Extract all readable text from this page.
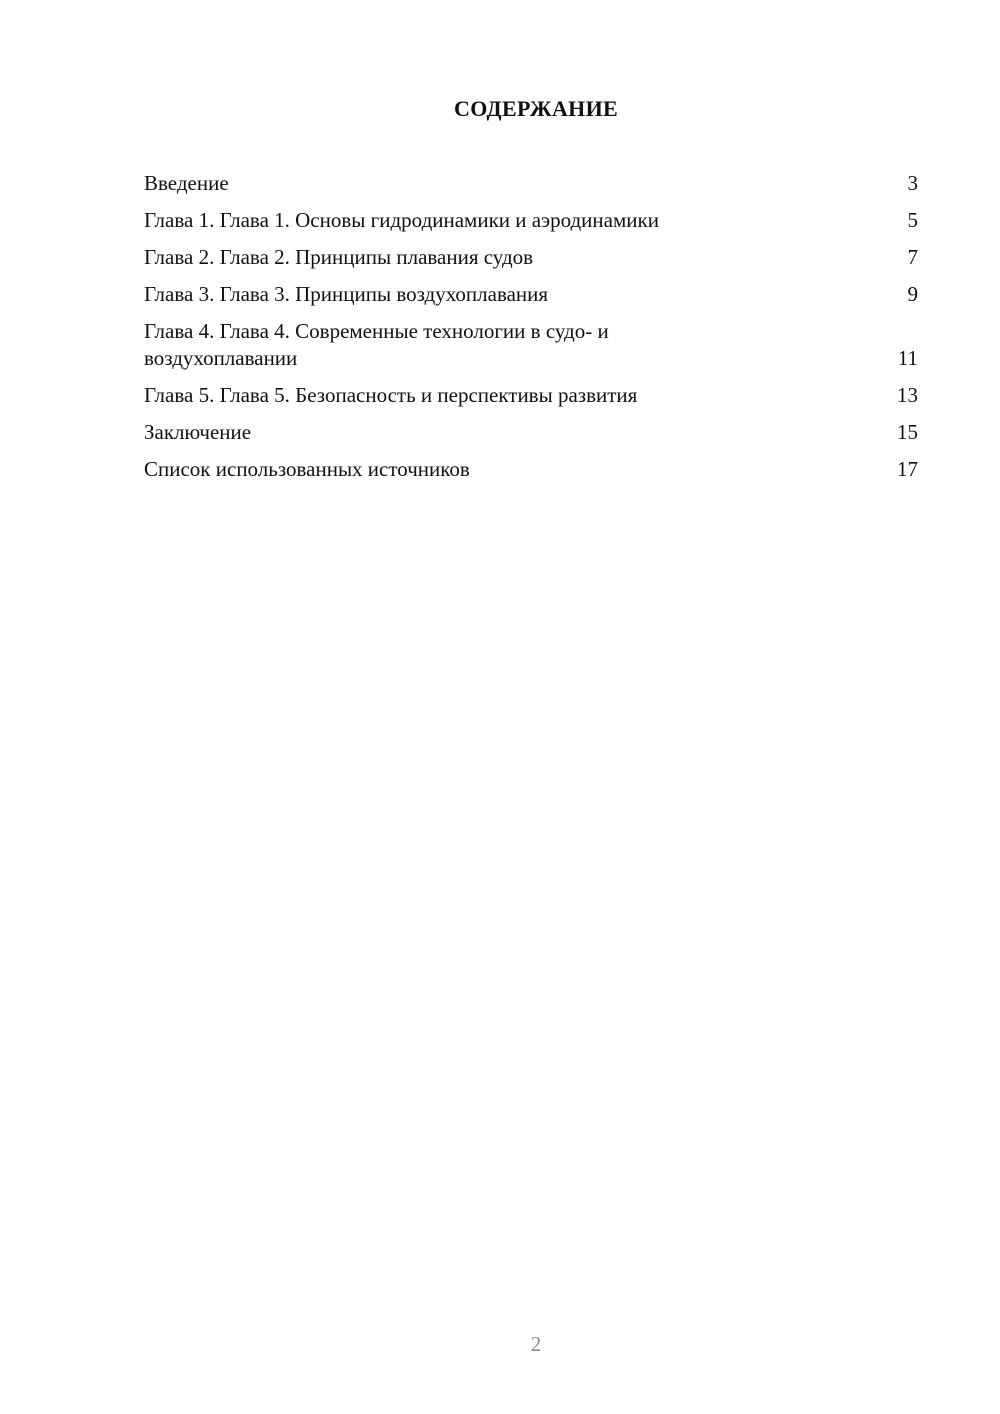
СОДЕРЖАНИЕ
Введение	3
Глава 1. Глава 1. Основы гидродинамики и аэродинамики	5
Глава 2. Глава 2. Принципы плавания судов	7
Глава 3. Глава 3. Принципы воздухоплавания	9
Глава 4. Глава 4. Современные технологии в судо- и воздухоплавании	11
Глава 5. Глава 5. Безопасность и перспективы развития	13
Заключение	15
Список использованных источников	17
2
